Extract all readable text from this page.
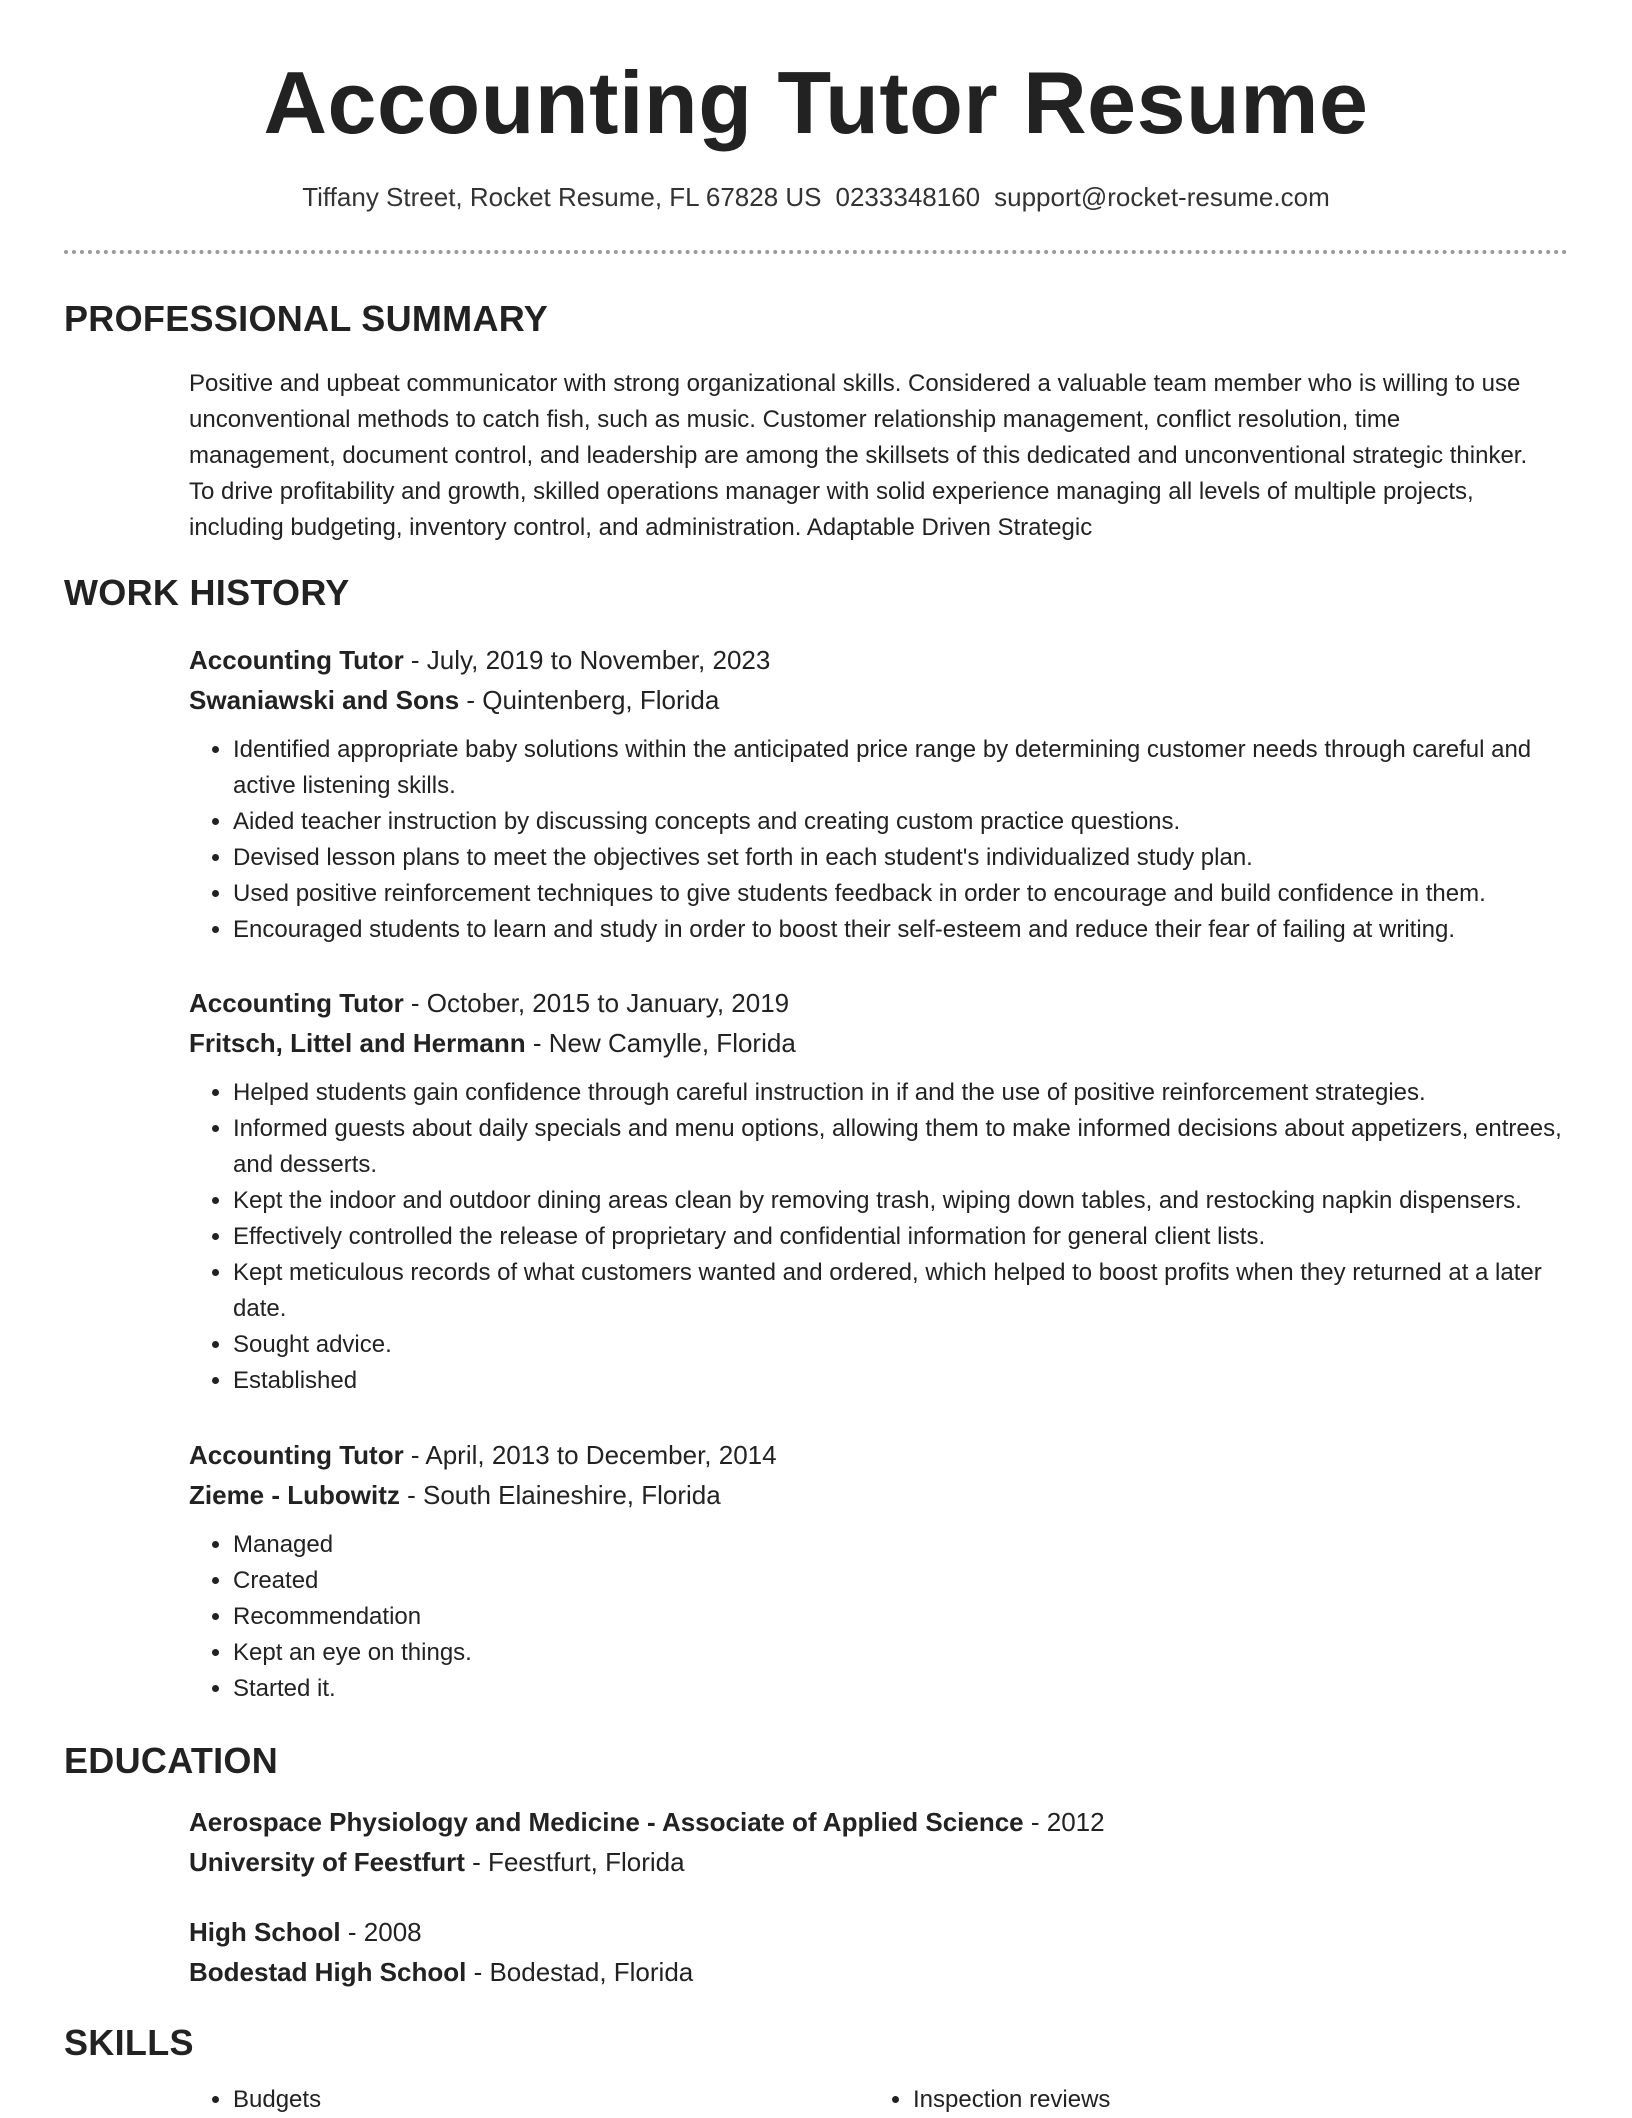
Accounting Tutor Resume
Tiffany Street, Rocket Resume, FL 67828 US 0233348160 support@rocket-resume.com
PROFESSIONAL SUMMARY
Positive and upbeat communicator with strong organizational skills. Considered a valuable team member who is willing to use unconventional methods to catch fish, such as music. Customer relationship management, conflict resolution, time management, document control, and leadership are among the skillsets of this dedicated and unconventional strategic thinker. To drive profitability and growth, skilled operations manager with solid experience managing all levels of multiple projects, including budgeting, inventory control, and administration. Adaptable Driven Strategic
WORK HISTORY

Accounting Tutor - July, 2019 to November, 2023

Swaniawski and Sons - Quintenberg, Florida

• Identified appropriate baby solutions within the anticipated price range by determining customer needs through careful and active listening skills.
• Aided teacher instruction by discussing concepts and creating custom practice questions.
• Devised lesson plans to meet the objectives set forth in each student's individualized study plan.
• Used positive reinforcement techniques to give students feedback in order to encourage and build confidence in them.
• Encouraged students to learn and study in order to boost their self-esteem and reduce their fear of failing at writing.

Accounting Tutor - October, 2015 to January, 2019

Fritsch, Littel and Hermann - New Camylle, Florida

• Helped students gain confidence through careful instruction in if and the use of positive reinforcement strategies.
• Informed guests about daily specials and menu options, allowing them to make informed decisions about appetizers, entrees, and desserts.
• Kept the indoor and outdoor dining areas clean by removing trash, wiping down tables, and restocking napkin dispensers.
• Effectively controlled the release of proprietary and confidential information for general client lists.
• Kept meticulous records of what customers wanted and ordered, which helped to boost profits when they returned at a later date.
• Sought advice.
• Established

Accounting Tutor - April, 2013 to December, 2014

Zieme - Lubowitz - South Elaineshire, Florida

• Managed
• Created
• Recommendation
• Kept an eye on things.
• Started it.
EDUCATION

Aerospace Physiology and Medicine - Associate of Applied Science - 2012

University of Feestfurt - Feestfurt, Florida

High School - 2008

Bodestad High School - Bodestad, Florida

SKILLS
• Budgets
•	Inspection reviews
